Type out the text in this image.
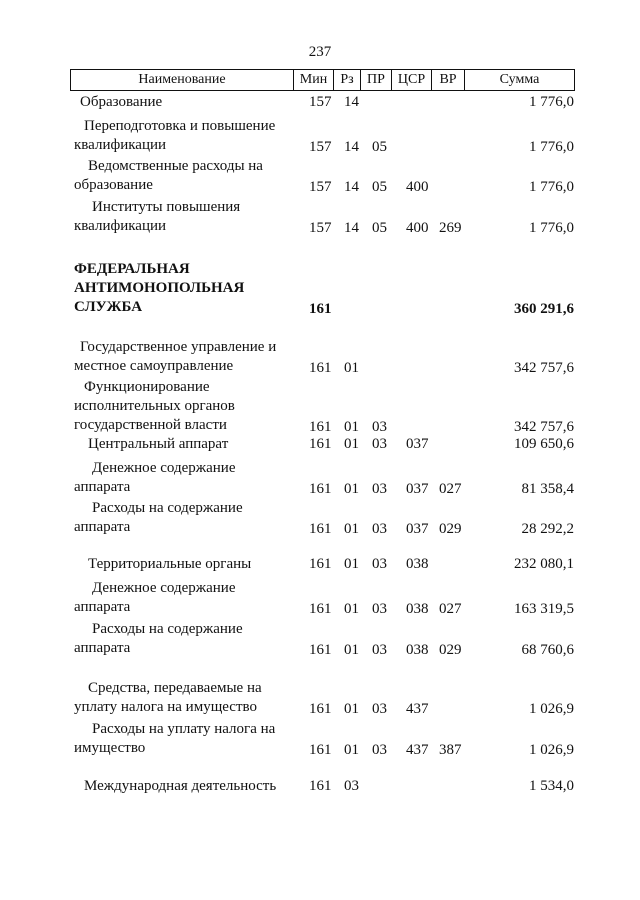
237
Наименование	Мин Рз ПР ЦСР	ВР	Сумма
Образование	157 14	1 776,0
Переподготовка и повышение
квалификации	157 14 05	1 776,0
Ведомственные расходы на
образование	157 14 05 400	1 776,0
Институты повышения
квалификации	157 14 05 400 269	1 776,0
ФЕДЕРАЛЬНАЯ
АНТИМОНОПОЛЬНАЯ
СЛУЖБА	161	360 291,6
Государственное управление и
местное самоуправление	161 01	342 757,6
Функционирование
исполнительных органов
государственной власти	161 01 03	342 757,6
Центральный аппарат	161 01 03 037	109 650,6
Денежное содержание
аппарата	161 01 03 037 027	81 358,4
Расходы на содержание
аппарата	161 01 03 037 029	28 292,2
Территориальные органы	161 01 03 038	232 080,1
Денежное содержание
аппарата	161 01 03 038 027	163 319,5
Расходы на содержание
аппарата	161 01 03 038 029	68 760,6
Средства, передаваемые на
уплату налога на имущество	161 01 03 437	1 026,9
Расходы на уплату налога на
имущество	161 01 03 437 387	1 026,9
Международная деятельность	161 03	1 534,0
